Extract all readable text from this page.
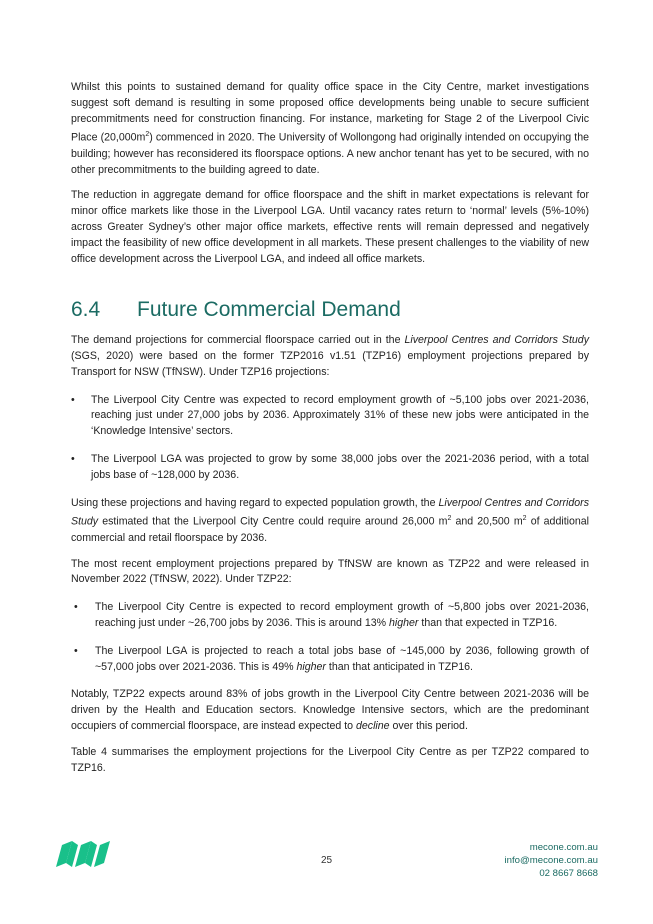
Whilst this points to sustained demand for quality office space in the City Centre, market investigations suggest soft demand is resulting in some proposed office developments being unable to secure sufficient precommitments need for construction financing. For instance, marketing for Stage 2 of the Liverpool Civic Place $(20,000m^2)$ commenced in 2020. The University of Wollongong had originally intended on occupying the building; however has reconsidered its floorspace options. A new anchor tenant has yet to be secured, with no other precommitments to the building agreed to date.

The reduction in aggregate demand for office floorspace and the shift in market expectations is relevant for minor office markets like those in the Liverpool LGA. Until vacancy rates return to ‘normal’ levels (5%-10%) across Greater Sydney’s other major office markets, effective rents will remain depressed and negatively impact the feasibility of new office development in all markets. These present challenges to the viability of new office development across the Liverpool LGA, and indeed all office markets.

6.4	Future Commercial Demand

The demand projections for commercial floorspace carried out in the Liverpool Centres and Corridors Study (SGS, 2020) were based on the former TZP2016 v1.51 (TZP16) employment projections prepared by Transport for NSW (TfNSW). Under TZP16 projections:

• The Liverpool City Centre was expected to record employment growth of ~5,100 jobs over 2021-2036, reaching just under 27,000 jobs by 2036. Approximately 31% of these new jobs were anticipated in the ‘Knowledge Intensive’ sectors.

• The Liverpool LGA was projected to grow by some 38,000 jobs over the 2021-2036 period, with a total jobs base of ~128,000 by 2036.

Using these projections and having regard to expected population growth, the Liverpool Centres and Corridors Study estimated that the Liverpool City Centre could require around 26,000 $m^2$ and 20,500 $m^2$ of additional commercial and retail floorspace by 2036.

The most recent employment projections prepared by TfNSW are known as TZP22 and were released in November 2022 (TfNSW, 2022). Under TZP22:

• The Liverpool City Centre is expected to record employment growth of ~5,800 jobs over 2021-2036, reaching just under ~26,700 jobs by 2036. This is around 13% higher than that expected in TZP16.

• The Liverpool LGA is projected to reach a total jobs base of ~145,000 by 2036, following growth of ~57,000 jobs over 2021-2036. This is 49% higher than that anticipated in TZP16.

Notably, TZP22 expects around 83% of jobs growth in the Liverpool City Centre between 2021-2036 will be driven by the Health and Education sectors. Knowledge Intensive sectors, which are the predominant occupiers of commercial floorspace, are instead expected to decline over this period.

Table 4 summarises the employment projections for the Liverpool City Centre as per TZP22 compared to TZP16.

25
mecone.com.au
info@mecone.com.au
02 8667 8668
